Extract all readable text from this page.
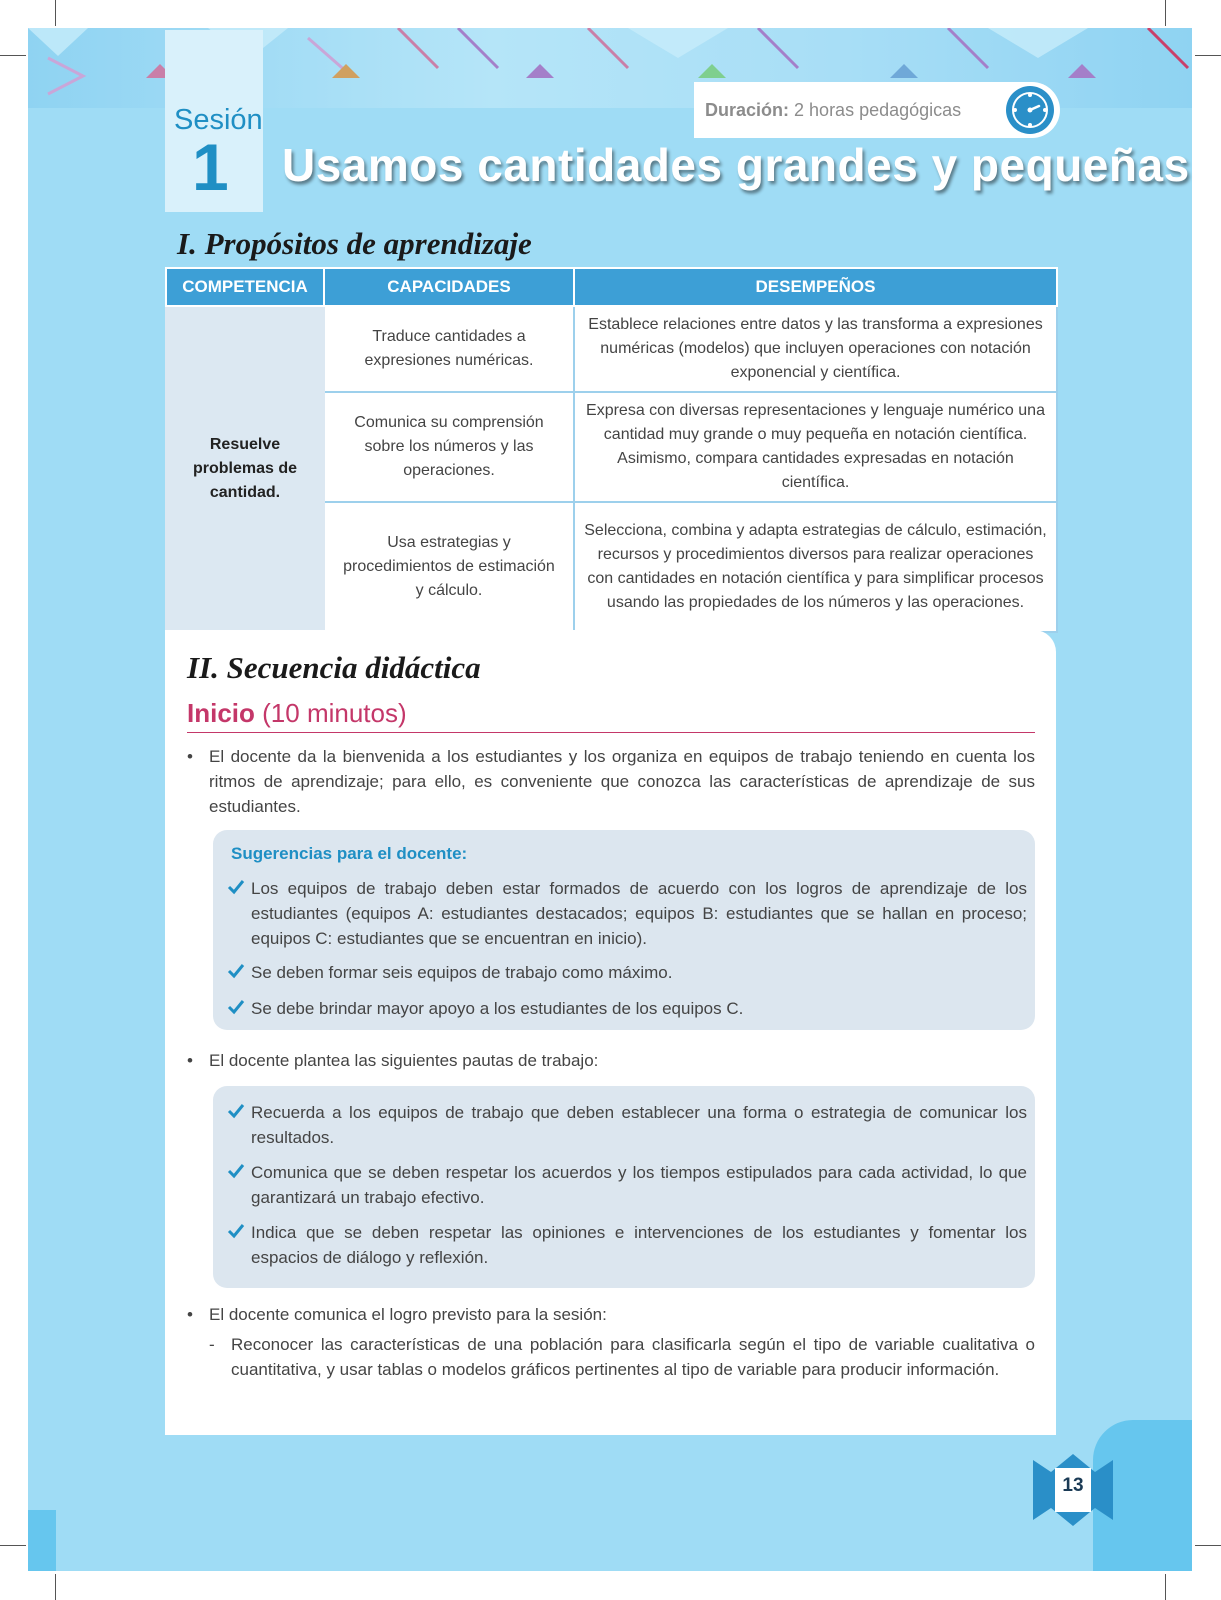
Sesión
1
Duración: 2 horas pedagógicas
Usamos cantidades grandes y pequeñas
I. Propósitos de aprendizaje
COMPETENCIA	CAPACIDADES	DESEMPEÑOS
Resuelve problemas de cantidad.	Traduce cantidades a expresiones numéricas.	Establece relaciones entre datos y las transforma a expresiones numéricas (modelos) que incluyen operaciones con notación exponencial y científica.
	Comunica su comprensión sobre los números y las operaciones.	Expresa con diversas representaciones y lenguaje numérico una cantidad muy grande o muy pequeña en notación científica. Asimismo, compara cantidades expresadas en notación científica.
	Usa estrategias y procedimientos de estimación y cálculo.	Selecciona, combina y adapta estrategias de cálculo, estimación, recursos y procedimientos diversos para realizar operaciones con cantidades en notación científica y para simplificar procesos usando las propiedades de los números y las operaciones.
II. Secuencia didáctica
Inicio (10 minutos)
• El docente da la bienvenida a los estudiantes y los organiza en equipos de trabajo teniendo en cuenta los ritmos de aprendizaje; para ello, es conveniente que conozca las características de aprendizaje de sus estudiantes.
Sugerencias para el docente:
Los equipos de trabajo deben estar formados de acuerdo con los logros de aprendizaje de los estudiantes (equipos A: estudiantes destacados; equipos B: estudiantes que se hallan en proceso; equipos C: estudiantes que se encuentran en inicio).
Se deben formar seis equipos de trabajo como máximo.
Se debe brindar mayor apoyo a los estudiantes de los equipos C.
• El docente plantea las siguientes pautas de trabajo:
Recuerda a los equipos de trabajo que deben establecer una forma o estrategia de comunicar los resultados.
Comunica que se deben respetar los acuerdos y los tiempos estipulados para cada actividad, lo que garantizará un trabajo efectivo.
Indica que se deben respetar las opiniones e intervenciones de los estudiantes y fomentar los espacios de diálogo y reflexión.
• El docente comunica el logro previsto para la sesión:
- Reconocer las características de una población para clasificarla según el tipo de variable cualitativa o cuantitativa, y usar tablas o modelos gráficos pertinentes al tipo de variable para producir información.
13
